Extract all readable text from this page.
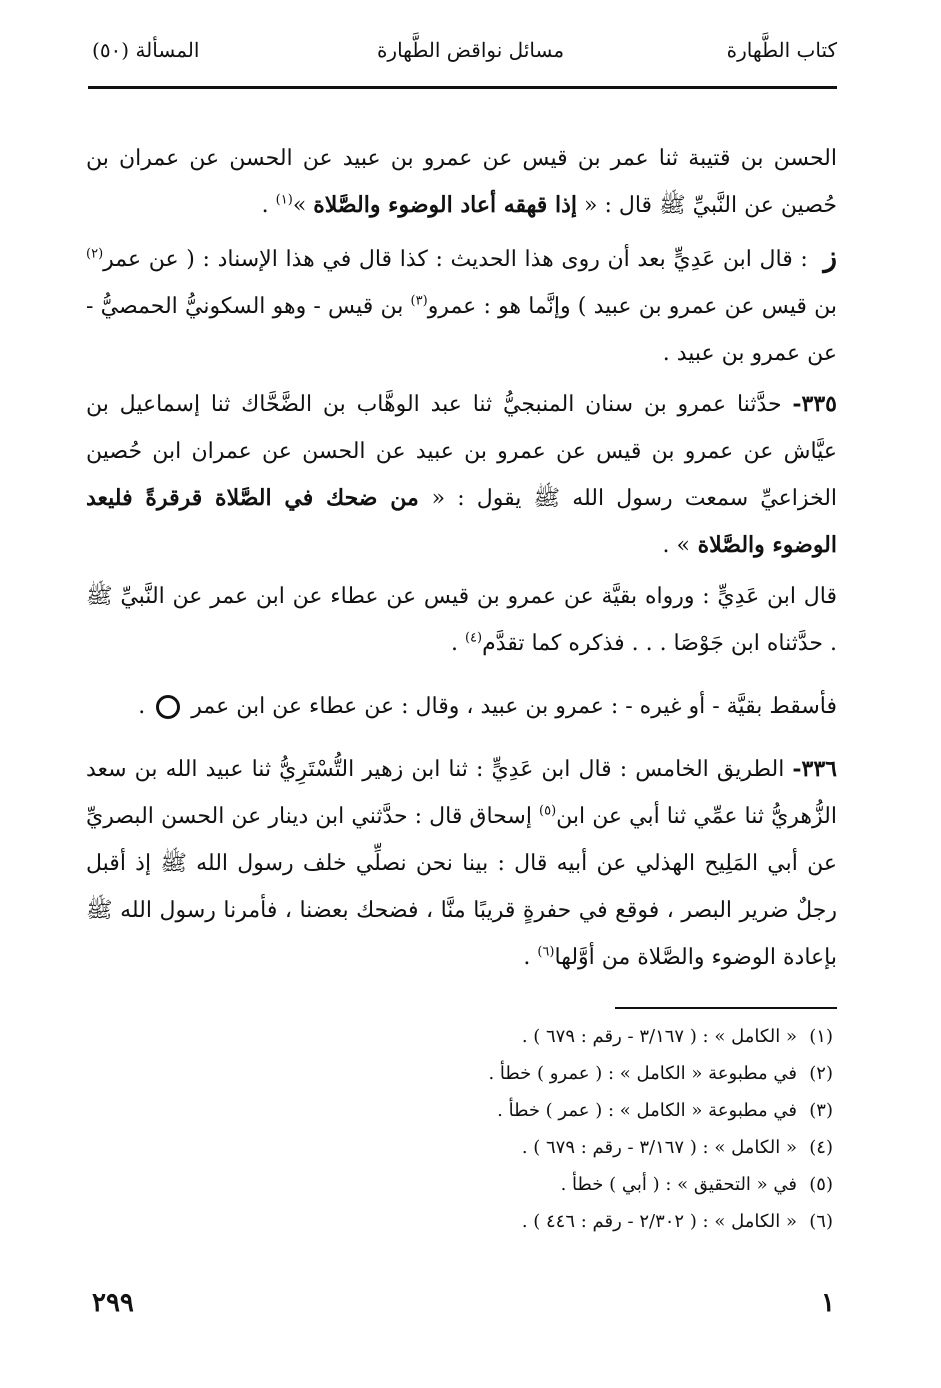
كتاب الطَّهارة
مسائل نواقض الطَّهارة
المسألة (٥٠)

الحسن بن قتيبة ثنا عمر بن قيس عن عمرو بن عبيد عن الحسن عن عمران بن حُصين عن النَّبيِّ ﷺ قال : « إذا قهقه أعاد الوضوء والصَّلاة »$^{(١)}$ .

ز : قال ابن عَدِيٍّ بعد أن روى هذا الحديث : كذا قال في هذا الإسناد : ( عن عمر$^{(٢)}$ بن قيس عن عمرو بن عبيد ) وإنَّما هو : عمرو$^{(٣)}$ بن قيس - وهو السكونيُّ الحمصيُّ - عن عمرو بن عبيد .

٣٣٥- حدَّثنا عمرو بن سنان المنبجيُّ ثنا عبد الوهَّاب بن الضَّحَّاك ثنا إسماعيل بن عيَّاش عن عمرو بن قيس عن عمرو بن عبيد عن الحسن عن عمران ابن حُصين الخزاعيِّ سمعت رسول الله ﷺ يقول : « من ضحك في الصَّلاة قرقرةً فليعد الوضوء والصَّلاة » .

قال ابن عَدِيٍّ : ورواه بقيَّة عن عمرو بن قيس عن عطاء عن ابن عمر عن النَّبيِّ ﷺ . حدَّثناه ابن جَوْصَا . . . فذكره كما تقدَّم$^{(٤)}$ .

فأسقط بقيَّة - أو غيره - : عمرو بن عبيد ، وقال : عن عطاء عن ابن عمر  .

٣٣٦- الطريق الخامس : قال ابن عَدِيٍّ : ثنا ابن زهير التُّسْتَرِيُّ ثنا عبيد الله بن سعد الزُّهريُّ ثنا عمِّي ثنا أبي عن ابن$^{(٥)}$ إسحاق قال : حدَّثني ابن دينار عن الحسن البصريِّ عن أبي المَلِيح الهذلي عن أبيه قال : بينا نحن نصلِّي خلف رسول الله ﷺ إذ أقبل رجلٌ ضرير البصر ، فوقع في حفرةٍ قريبًا منَّا ، فضحك بعضنا ، فأمرنا رسول الله ﷺ بإعادة الوضوء والصَّلاة من أوَّلها$^{(٦)}$ .

(١)« الكامل » : ( ٣/١٦٧ - رقم : ٦٧٩ ) .
(٢)في مطبوعة « الكامل » : ( عمرو ) خطأ .
(٣)في مطبوعة « الكامل » : ( عمر ) خطأ .
(٤)« الكامل » : ( ٣/١٦٧ - رقم : ٦٧٩ ) .
(٥)في « التحقيق » : ( أبي ) خطأ .
(٦)« الكامل » : ( ٢/٣٠٢ - رقم : ٤٤٦ ) .
٢٩٩	١
